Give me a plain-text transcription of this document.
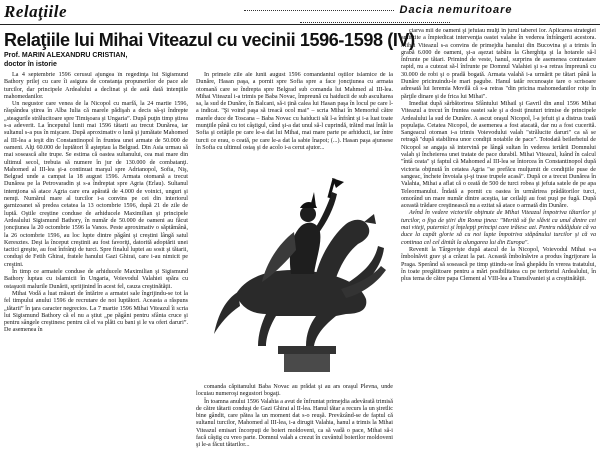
Relaţiile	Dacia nemuritoare
Relaţiile lui Mihai Viteazul cu vecinii 1596-1598 (IV)
Prof. MARIN ALEXANDRU CRISTIAN,
doctor în istorie

La 4 septembrie 1596 cerusul ajungea în regedinţa lui Sigismund Bathory prilej cu care îi asigura de constanţa propunerilor de pace ale turcilor, dar principele Ardealului a declinat şi de astă dată intenţiile mahomedanilor.

Un negustor care venea de la Nicopol cu marfă, la 24 martie 1596, răspândea ştirea în Alba Iulia că marele pădişah a decis să-şi îndrepte „steagurile strălucitoare spre Timişoara şi Ungaria”. După puţin timp ştirea s-a adeverit. La începutul lunii mai 1596 tătarii au trecut Dunărea, iar sultanul s-a pus în mişcare. După aproximativ o lună şi jumătate Mahomed al III-lea a ieşit din Constantinopol în fruntea unei armate de 50.000 de oameni. Alţi 60.000 de luptători îl aşteptau la Belgrad. Din Asia urmau să mai sosească alte trupe. Se estima că oastea sultanului, cea mai mare din ultimul secol, trebuia să numere în jur de 130.000 de combatanţi. Mahomed al III-lea şi-a continuat marşul spre Adrianopol, Sofia, Niş, Belgrad unde a campat la 18 august 1596. Armata otomană a trecut Dunărea pe la Petrovaradin şi s-a îndreptat spre Agria (Erlau). Sultanul intenţiona să atace Agria care era apărată de 4.000 de voinici, unguri şi nemţi. Numărul mare al turcilor i-a convins pe cei din interiorul garnizoanei să predea cetatea la 13 octombrie 1596, după 21 de zile de luptă. Oştile creştine conduse de arhiducele Maximilian şi principele Ardealului Sigismund Bathory, în număr de 50.000 de oameni au făcut joncţiunea la 20 octombrie 1596 la Vanos. Peste aproximativ o săptămână, la 26 octombrie 1596, au loc lupte dintre păgâni şi creştini lângă satul Keresztes. Deşi la început creştinii au fost favoriţi, datorită adoptării unei tactici greşite, au fost înfrânţi de turci. Spre finalul luptei au sosit şi tătarii, conduşi de Fetih Ghirai, fratele hanului Gazi Ghirai, care i-au nimicit pe creştini.

În timp ce armatele conduse de arhiducele Maximilian şi Sigismund Bathory luptau cu islamicii în Ungaria, Voievodul Valahiei spăra cu ostaşuoii malurile Dunării, spriijinind în acest fel, cauza creştinătăţii.

Mihai Vodă a luat măsuri de întărire a armatei sale îngrijindu-se tot la fel timpului anului 1596 de recrutare de noi luptători. Aceasta a răspuns „tătarii” în ţara caracter negrecios. La 7 martie 1596 Mihai Viteazul îi scria lui Sigismund Bathory că el nu a ştiut „pe păgâni pentru sfânta cruce şi pentru sângele creştinesc pentru că el va plăti cu bani şi le va oferi daruri”. De asemenea în

În primele zile ale lunii august 1596 comandantul oştilor islamice de la Dunăre, Hasan paşa, a pornit spre Sofia spre a face joncţiunea cu armata otomană care se îndrepta spre Belgrad sub comanda lui Mahmed al III-lea. Mihai Viteazul i-a trimis pe Baba Novac, împreună cu haiducii de sub ascultarea sa, la sud de Dunăre, în Balcani, să-i ţină calea lui Hasan paşa în locul pe care l-a indicat. "Şi voind paşa să treacă ocol mai" – scria Mihai în Memoriul către marele duce de Toscana – Baba Novac cu haiducii săi l-a înfrânt şi i-a luat toate munţiile până cu tot câştigul, când şi-a dat unul să-l cuprindă, trăind mai întâi la Sofia şi cetăţile pe care le-a dat lui Mihai, mai mare parte pe arhiducii, iar între turcii ce erau, o ceată, pe care le-a dat la sabie înapoi; (...). Hasan paşa ajunsese în Sofia cu ultimul ostaş şi de acolo i-a cerut ajutor...

comanda căpitanului Baba Novac au prădat şi au ars oraşul Plevna, unde locuiau numeroşi negustori bogaţi.

În toamna anului 1596 Valahia a avut de înfruntat primejdia adevărată trimisă de către tătarii conduşi de Gazi Ghirai al II-lea. Hanul tătar a recurs la un şiretlic bine gândit, care pătea la un moment dat s-o reuşă. Prevăzând-se de faptul că sultanul turcilor, Mahomed al III-lea, i-a dirugit Valahia, hanul a trimis la Mihai Viteazul emisari încorpuţi de boieri moldoveni, ca să vadă o pace, Mihai să-i facă câştig cu vreo parte. Domnul valah a crezut în cuvântul boierilor moldoveni şi le-a făcut tătarilor...

ctarva mii de oameni şi jefuiau mulţi în jurul taberei lor. Aplicarea strategiei amintite a împiedicat intervenţia oastei valahe în vederea înfrângerii acestora. Mihai Viteazul s-a convins de primejdia hanului din Bucovina şi a trimis în grabă 6.000 de oameni, şi-a aşezat tabăra la Gherghiţa şi la hotarele să-l înfrunte pe tătari. Primind de veste, hanul, surprins de asemenea contrastare rapid, nu a cutezat să-l înfrunte pe Domnul Valahiei şi s-a retras împreună cu 30.000 de robi şi o pradă bogată. Armata valahă i-a urmărit pe tătari până la Dunăre pricinuindu-le mari pagube. Hanul tatăr recunoaşte tare o scrisoare adresată lui Ieremia Movilă că s-a retras "din pricina mahomedanilor roiţe în părţile dinare şi de frica lui Mihai".

Imediat după sărbătorirea Sfântului Mihail şi Gavril din anul 1596 Mihai Viteazul a trecut în fruntea oastei sale şi a dosit ţinuturi trimise de principele Ardealului la sud de Dunăre. A ascut oraşul Nicopol, l-a jefuit şi a distrus toată populaţia. Cetatea Nicopol, de asemenea a fost atacată, dar nu a fost cucerită. Sangeacul otoman i-a trimis Voievodului valah "strălucite daruri" ca să se retragă "după stabilirea unor condiţii notabile de pace". Totodată beilerbeiul de Nicopol se angaja să intervină pe lângă sultan în vederea iertării Domnului valah şi încheierea unei tratate de pace durabil. Mihai Viteazul, luând în calcul "întâ ceata" şi faptul că Mahomed al III-lea se întorcea în Constantinopol după victoria obţinută în cetatea Agria "se prefăcu mulţumit de condiţiile puse de sangeac, încheie învoiala şi-şi trase trupele acasă". După ce a trecut Dunărea în Valahia, Mihai a aflat că o ceată de 500 de turci robea şi jefuia satele de pe apa Teleormanului. Îndată a pornit cu oastea în urmărirea prădătorilor turci, omorând un mare număr dintre aceştia, iar ceilalţi au fost puşi pe fugă. După această trădare creştinească nu a ezitat să atace o armată din Dunăre.

Avînd în vedere victoriile obţinute de Mihai Viteazul împotriva tătarilor şi turcilor, o fişa de ştiri din Roma ţinea: "Merită să fie slăvit ca unul dintre cei mai viteji, puternici şi înţelepţi principi care trăiesc azi. Pentru nădăjduie că va duce la capăt glorie să cu noi lupte împotriva stăpânului turcilor şi că va continua cel cel dintâi la alungarea lui din Europa".

Revenit la Târgovişte după atacul de la Nicopol, Voievodul Mihai s-a îmbolnăvit grav şi a crăzut la pat. Această îmbolnăvire a produs îngrijorare la Praga. Sperând să sosească pe timp ştiindu-se însă ghepădu în vrerea tratatului, în toate pregătitoare pentru a mări posibilitatea cu pe teritoriul Ardealului, în plus tema de către papa Clement al VIII-lea a Transilvaniei şi a creştinătăţii.
